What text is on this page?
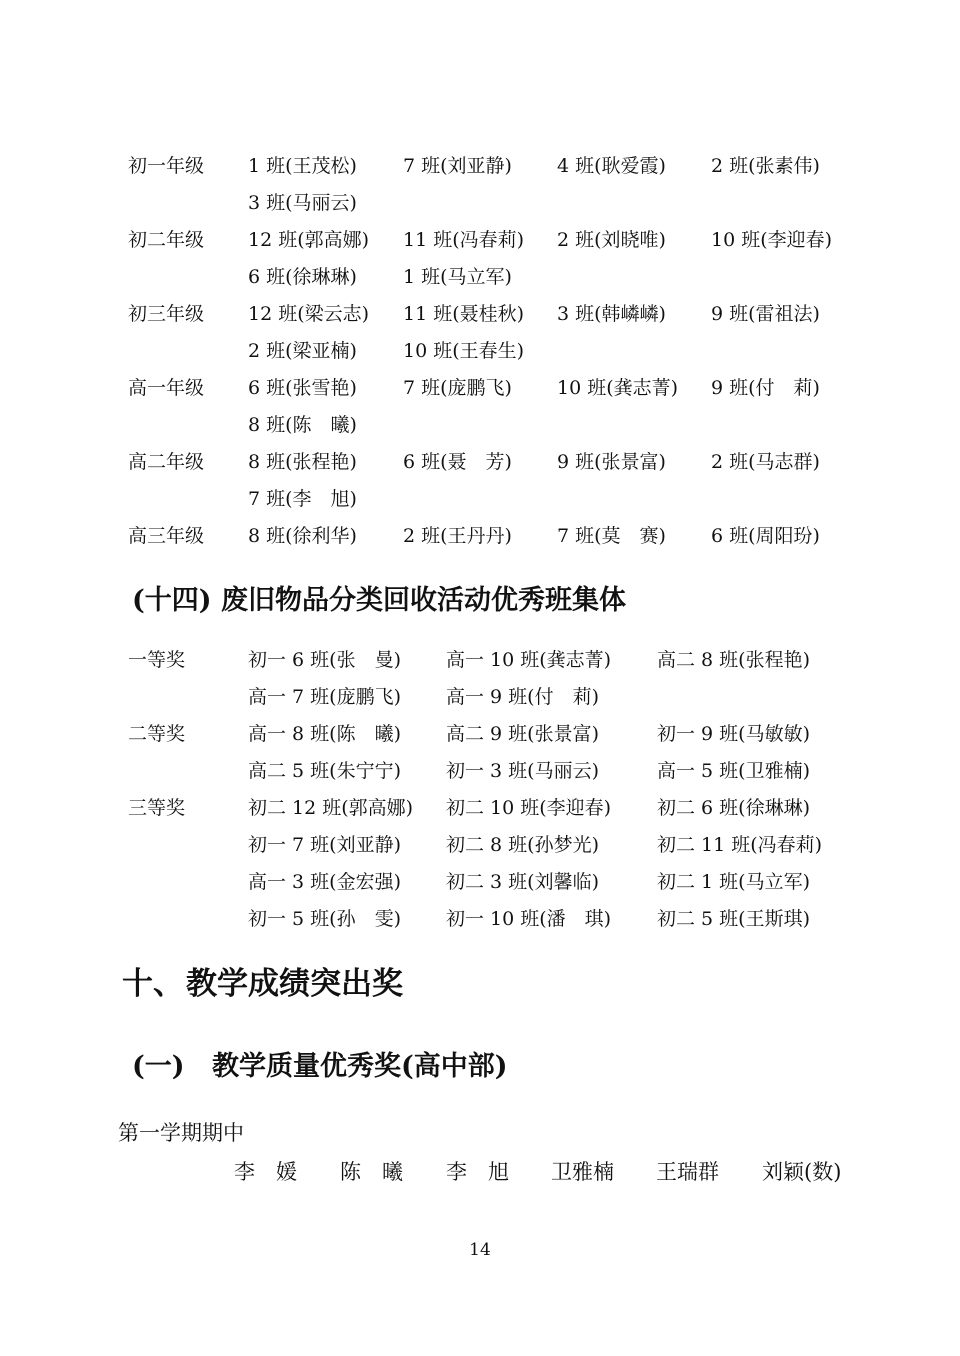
初一年级 1 班(王茂松) 7 班(刘亚静) 4 班(耿爱霞) 2 班(张素伟)
3 班(马丽云)
初二年级 12 班(郭高娜) 11 班(冯春莉) 2 班(刘晓唯) 10 班(李迎春)
6 班(徐琳琳) 1 班(马立军)
初三年级 12 班(梁云志) 11 班(聂桂秋) 3 班(韩嶙嶙) 9 班(雷祖法)
2 班(梁亚楠) 10 班(王春生)
高一年级 6 班(张雪艳) 7 班(庞鹏飞) 10 班(龚志菁) 9 班(付　莉)
8 班(陈　曦)
高二年级 8 班(张程艳) 6 班(聂　芳) 9 班(张景富) 2 班(马志群)
7 班(李　旭)
高三年级 8 班(徐利华) 2 班(王丹丹) 7 班(莫　赛) 6 班(周阳玢)
(十四) 废旧物品分类回收活动优秀班集体
一等奖	初一 6 班(张　曼) 高一 10 班(龚志菁) 高二 8 班(张程艳)
高一 7 班(庞鹏飞) 高一 9 班(付　莉)
二等奖	高一 8 班(陈　曦) 高二 9 班(张景富)	初一 9 班(马敏敏)
高二 5 班(朱宁宁) 初一 3 班(马丽云)	高一 5 班(卫雅楠)
三等奖	初二 12 班(郭高娜) 初二 10 班(李迎春) 初二 6 班(徐琳琳)
初一 7 班(刘亚静) 初二 8 班(孙梦光)	初二 11 班(冯春莉)
高一 3 班(金宏强) 初二 3 班(刘馨临)	初二 1 班(马立军)
初一 5 班(孙　雯) 初一 10 班(潘　琪) 初二 5 班(王斯琪)
十、教学成绩突出奖
(一) 教学质量优秀奖(高中部)
第一学期期中
李　媛 陈　曦 李　旭 卫雅楠 王瑞群 刘颖(数)
14
